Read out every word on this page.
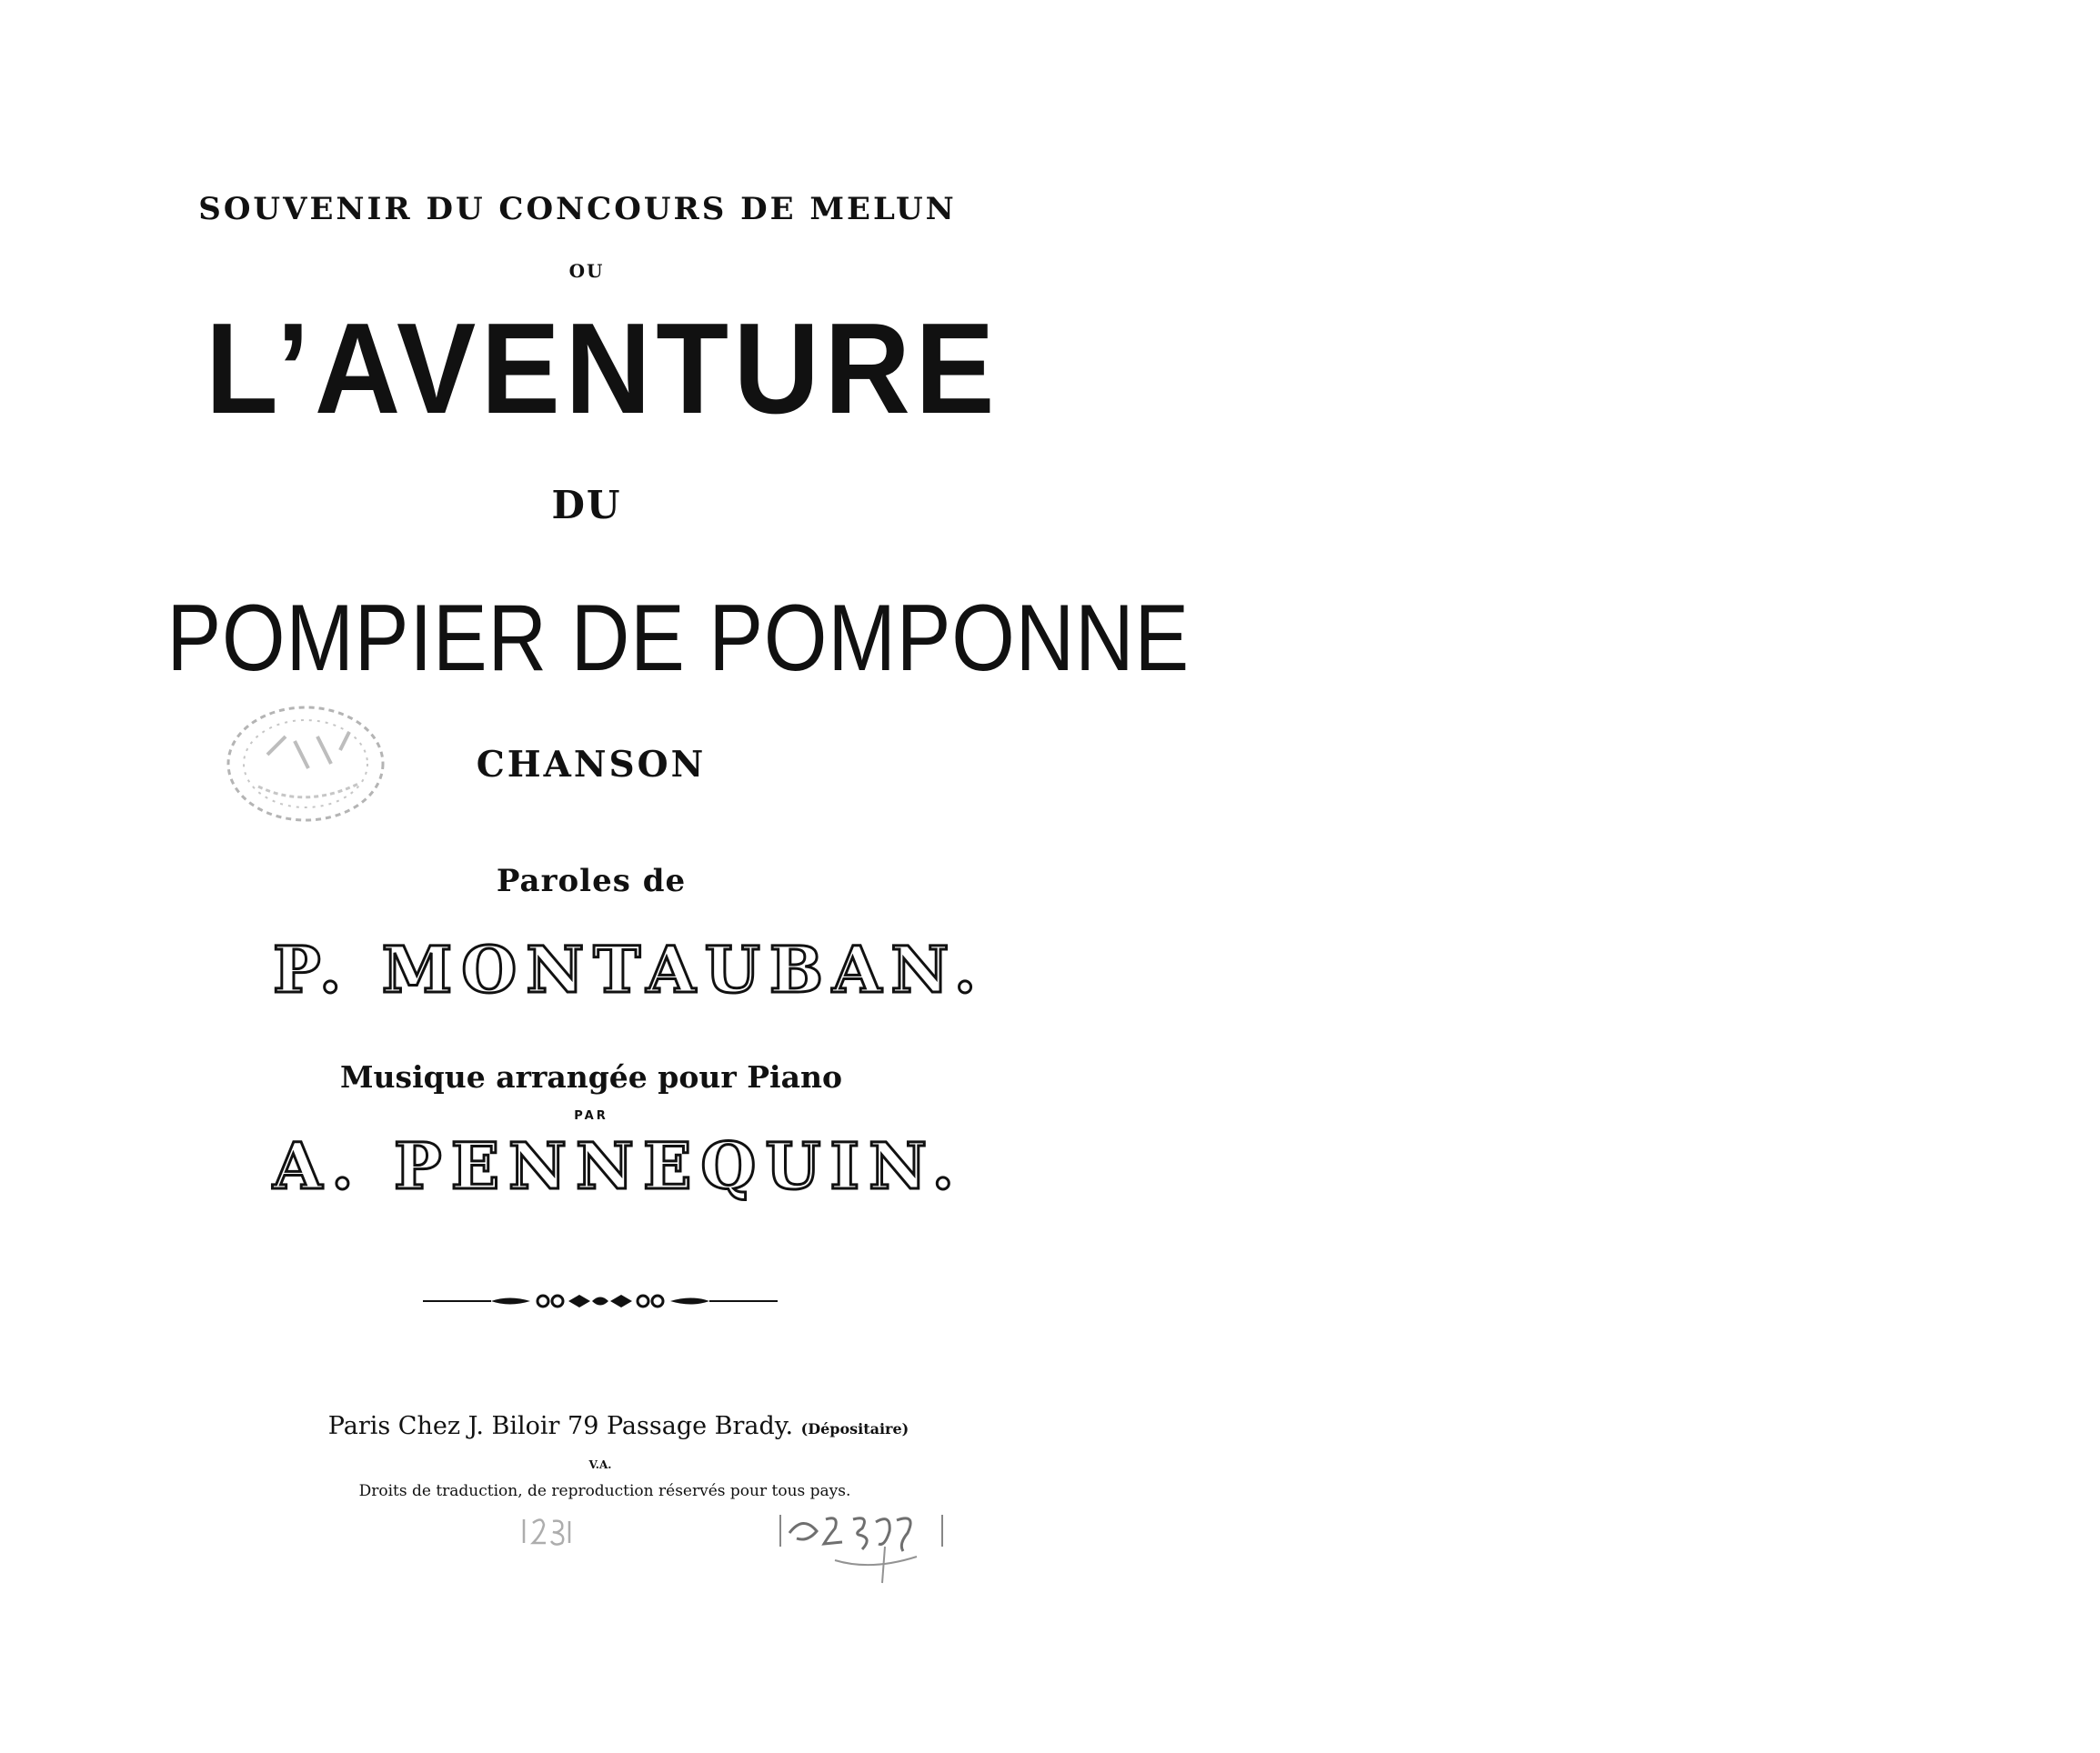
SOUVENIR DU CONCOURS DE MELUN
OU
L’AVENTURE
DU
POMPIER DE POMPONNE
CHANSON
Paroles de
P. MONTAUBAN.
Musique arrangée pour Piano
PAR
A. PENNEQUIN.
Paris Chez J. Biloir 79 Passage Brady. (Dépositaire)
V.A.
Droits de traduction, de reproduction réservés pour tous pays.
